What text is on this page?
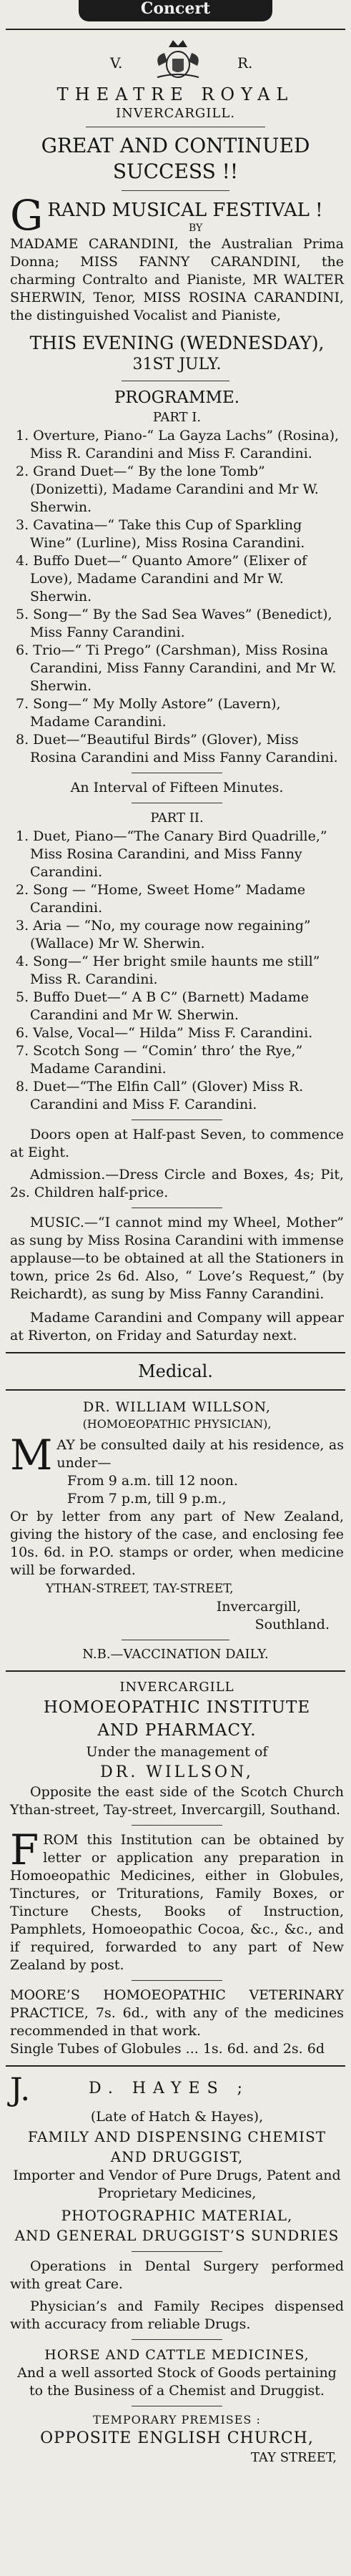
Concert
V.	R.
THEATRE ROYAL
INVERCARGILL.
GREAT AND CONTINUED SUCCESS !!
G RAND MUSICAL FESTIVAL !
BY

MADAME CARANDINI, the Australian Prima Donna; MISS FANNY CARANDINI, the charming Contralto and Pianiste, MR WALTER SHERWIN, Tenor, MISS ROSINA CARANDINI, the distinguished Vocalist and Pianiste,

THIS EVENING (WEDNESDAY),
31ST JULY.
PROGRAMME.
PART I.

1. Overture, Piano-“ La Gayza Lachs” (Rosina), Miss R. Carandini and Miss F. Carandini.

2. Grand Duet—“ By the lone Tomb” (Donizetti), Madame Carandini and Mr W. Sherwin.

3. Cavatina—“ Take this Cup of Sparkling Wine” (Lurline), Miss Rosina Carandini.

4. Buffo Duet—“ Quanto Amore” (Elixer of Love), Madame Carandini and Mr W. Sherwin.

5. Song—“ By the Sad Sea Waves” (Benedict), Miss Fanny Carandini.

6. Trio—“ Ti Prego” (Carshman), Miss Rosina Carandini, Miss Fanny Carandini, and Mr W. Sherwin.

7. Song—“ My Molly Astore” (Lavern), Madame Carandini.

8. Duet—“Beautiful Birds” (Glover), Miss Rosina Carandini and Miss Fanny Carandini.

An Interval of Fifteen Minutes.
PART II.

1. Duet, Piano—“The Canary Bird Quadrille,” Miss Rosina Carandini, and Miss Fanny Carandini.

2. Song — “Home, Sweet Home” Madame Carandini.

3. Aria — “No, my courage now regaining” (Wallace) Mr W. Sherwin.

4. Song—“ Her bright smile haunts me still” Miss R. Carandini.

5. Buffo Duet—“ A B C” (Barnett) Madame Carandini and Mr W. Sherwin.

6. Valse, Vocal—“ Hilda” Miss F. Carandini.

7. Scotch Song — “Comin’ thro’ the Rye,” Madame Carandini.

8. Duet—“The Elfin Call” (Glover) Miss R. Carandini and Miss F. Carandini.

Doors open at Half-past Seven, to commence at Eight.

Admission.—Dress Circle and Boxes, 4s; Pit, 2s. Children half-price.

MUSIC.—“I cannot mind my Wheel, Mother” as sung by Miss Rosina Carandini with immense applause—to be obtained at all the Stationers in town, price 2s 6d. Also, “ Love’s Request,” (by Reichardt), as sung by Miss Fanny Carandini.

Madame Carandini and Company will appear at Riverton, on Friday and Saturday next.

Medical.
DR. WILLIAM WILLSON,
(HOMOEOPATHIC PHYSICIAN),
M AY be consulted daily at his residence, as under—

From 9 a.m. till 12 noon.

From 7 p.m, till 9 p.m.,

Or by letter from any part of New Zealand, giving the history of the case, and enclosing fee 10s. 6d. in P.O. stamps or order, when medicine will be forwarded.

YTHAN-STREET, TAY-STREET,

Invercargill,

Southland.

N.B.—VACCINATION DAILY.
INVERCARGILL
HOMOEOPATHIC INSTITUTE
AND PHARMACY.
Under the management of
DR. WILLSON,

Opposite the east side of the Scotch Church Ythan-street, Tay-street, Invercargill, Southand.

F ROM this Institution can be obtained by letter or application any preparation in Homoeopathic Medicines, either in Globules, Tinctures, or Triturations, Family Boxes, or Tincture Chests, Books of Instruction, Pamphlets, Homoeopathic Cocoa, &c., &c., and if required, forwarded to any part of New Zealand by post.

MOORE’S HOMOEOPATHIC VETERINARY PRACTICE, 7s. 6d., with any of the medicines recommended in that work.

Single Tubes of Globules ... 1s. 6d. and 2s. 6d

J.	D. HAYES ;
(Late of Hatch & Hayes),
FAMILY AND DISPENSING CHEMIST
AND DRUGGIST,

Importer and Vendor of Pure Drugs, Patent and Proprietary Medicines,

PHOTOGRAPHIC MATERIAL,
AND GENERAL DRUGGIST’S SUNDRIES

Operations in Dental Surgery performed with great Care.

Physician’s and Family Recipes dispensed with accuracy from reliable Drugs.

HORSE AND CATTLE MEDICINES,

And a well assorted Stock of Goods pertaining to the Business of a Chemist and Druggist.

TEMPORARY PREMISES :
OPPOSITE ENGLISH CHURCH,
TAY STREET,
